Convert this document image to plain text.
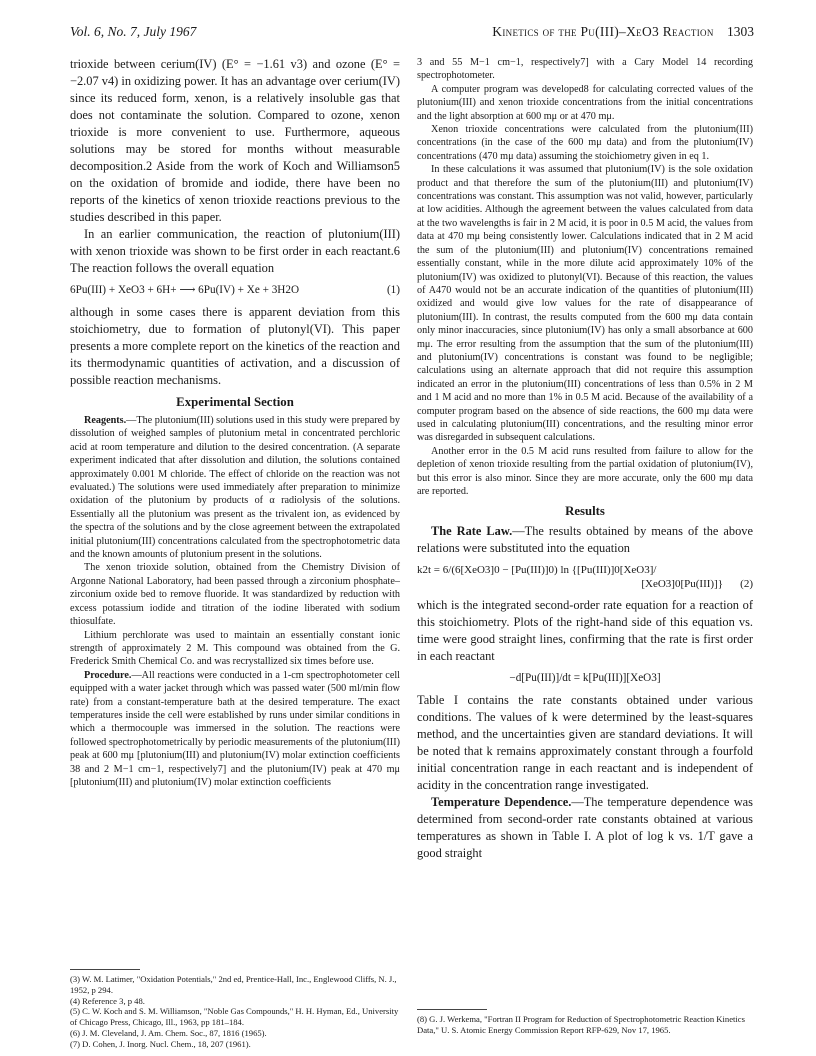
Vol. 6, No. 7, July 1967	Kinetics of the Pu(III)–XeO3 Reaction 1303

trioxide between cerium(IV) (E° = −1.61 v3) and ozone (E° = −2.07 v4) in oxidizing power. It has an advantage over cerium(IV) since its reduced form, xenon, is a relatively insoluble gas that does not contaminate the solution. Compared to ozone, xenon trioxide is more convenient to use. Furthermore, aqueous solutions may be stored for months without measurable decomposition.2 Aside from the work of Koch and Williamson5 on the oxidation of bromide and iodide, there have been no reports of the kinetics of xenon trioxide reactions previous to the studies described in this paper.

In an earlier communication, the reaction of plutonium(III) with xenon trioxide was shown to be first order in each reactant.6 The reaction follows the overall equation

6Pu(III) + XeO3 + 6H+ ⟶ 6Pu(IV) + Xe + 3H2O	(1)

although in some cases there is apparent deviation from this stoichiometry, due to formation of plutonyl(VI). This paper presents a more complete report on the kinetics of the reaction and its thermodynamic quantities of activation, and a discussion of possible reaction mechanisms.

Experimental Section

Reagents.—The plutonium(III) solutions used in this study were prepared by dissolution of weighed samples of plutonium metal in concentrated perchloric acid at room temperature and dilution to the desired concentration. (A separate experiment indicated that after dissolution and dilution, the solutions contained approximately 0.001 M chloride. The effect of chloride on the reaction was not evaluated.) The solutions were used immediately after preparation to minimize oxidation of the plutonium by products of α radiolysis of the solutions. Essentially all the plutonium was present as the trivalent ion, as evidenced by the spectra of the solutions and by the close agreement between the extrapolated initial plutonium(III) concentrations calculated from the spectrophotometric data and the known amounts of plutonium present in the solutions.

The xenon trioxide solution, obtained from the Chemistry Division of Argonne National Laboratory, had been passed through a zirconium phosphate–zirconium oxide bed to remove fluoride. It was standardized by reduction with excess potassium iodide and titration of the iodine liberated with sodium thiosulfate.

Lithium perchlorate was used to maintain an essentially constant ionic strength of approximately 2 M. This compound was obtained from the G. Frederick Smith Chemical Co. and was recrystallized six times before use.

Procedure.—All reactions were conducted in a 1-cm spectrophotometer cell equipped with a water jacket through which was passed water (500 ml/min flow rate) from a constant-temperature bath at the desired temperature. The exact temperatures inside the cell were established by runs under similar conditions in which a thermocouple was immersed in the solution. The reactions were followed spectrophotometrically by periodic measurements of the plutonium(III) peak at 600 mμ [plutonium(III) and plutonium(IV) molar extinction coefficients 38 and 2 M−1 cm−1, respectively7] and the plutonium(IV) peak at 470 mμ [plutonium(III) and plutonium(IV) molar extinction coefficients

(3) W. M. Latimer, "Oxidation Potentials," 2nd ed, Prentice-Hall, Inc., Englewood Cliffs, N. J., 1952, p 294.

(4) Reference 3, p 48.

(5) C. W. Koch and S. M. Williamson, "Noble Gas Compounds," H. H. Hyman, Ed., University of Chicago Press, Chicago, Ill., 1963, pp 181–184.

(6) J. M. Cleveland, J. Am. Chem. Soc., 87, 1816 (1965).

(7) D. Cohen, J. Inorg. Nucl. Chem., 18, 207 (1961).

3 and 55 M−1 cm−1, respectively7] with a Cary Model 14 recording spectrophotometer.

A computer program was developed8 for calculating corrected values of the plutonium(III) and xenon trioxide concentrations from the initial concentrations and the light absorption at 600 mμ or at 470 mμ.

Xenon trioxide concentrations were calculated from the plutonium(III) concentrations (in the case of the 600 mμ data) and from the plutonium(IV) concentrations (470 mμ data) assuming the stoichiometry given in eq 1.

In these calculations it was assumed that plutonium(IV) is the sole oxidation product and that therefore the sum of the plutonium(III) and plutonium(IV) concentrations was constant. This assumption was not valid, however, particularly at low acidities. Although the agreement between the values calculated from data at the two wavelengths is fair in 2 M acid, it is poor in 0.5 M acid, the values from data at 470 mμ being consistently lower. Calculations indicated that in 2 M acid the sum of the plutonium(III) and plutonium(IV) concentrations remained essentially constant, while in the more dilute acid approximately 10% of the plutonium(IV) was oxidized to plutonyl(VI). Because of this reaction, the values of A470 would not be an accurate indication of the quantities of plutonium(III) oxidized and would give low values for the rate of disappearance of plutonium(III). In contrast, the results computed from the 600 mμ data contain only minor inaccuracies, since plutonium(IV) has only a small absorbance at 600 mμ. The error resulting from the assumption that the sum of the plutonium(III) and plutonium(IV) concentrations is constant was found to be negligible; calculations using an alternate approach that did not require this assumption indicated an error in the plutonium(III) concentrations of less than 0.5% in 2 M and 1 M acid and no more than 1% in 0.5 M acid. Because of the availability of a computer program based on the absence of side reactions, the 600 mμ data were used in calculating plutonium(III) concentrations, and the resulting minor error was disregarded in subsequent calculations.

Another error in the 0.5 M acid runs resulted from failure to allow for the depletion of xenon trioxide resulting from the partial oxidation of plutonium(IV), but this error is also minor. Since they are more accurate, only the 600 mμ data are reported.

Results

The Rate Law.—The results obtained by means of the above relations were substituted into the equation

k2t = 6/(6[XeO3]0 − [Pu(III)]0) ln {[Pu(III)]0[XeO3]/
[XeO3]0[Pu(III)]}	(2)

which is the integrated second-order rate equation for a reaction of this stoichiometry. Plots of the right-hand side of this equation vs. time were good straight lines, confirming that the rate is first order in each reactant

−d[Pu(III)]/dt = k[Pu(III)][XeO3]

Table I contains the rate constants obtained under various conditions. The values of k were determined by the least-squares method, and the uncertainties given are standard deviations. It will be noted that k remains approximately constant through a fourfold initial concentration range in each reactant and is independent of acidity in the concentration range investigated.

Temperature Dependence.—The temperature dependence was determined from second-order rate constants obtained at various temperatures as shown in Table I. A plot of log k vs. 1/T gave a good straight

(8) G. J. Werkema, "Fortran II Program for Reduction of Spectrophotometric Reaction Kinetics Data," U. S. Atomic Energy Commission Report RFP-629, Nov 17, 1965.
